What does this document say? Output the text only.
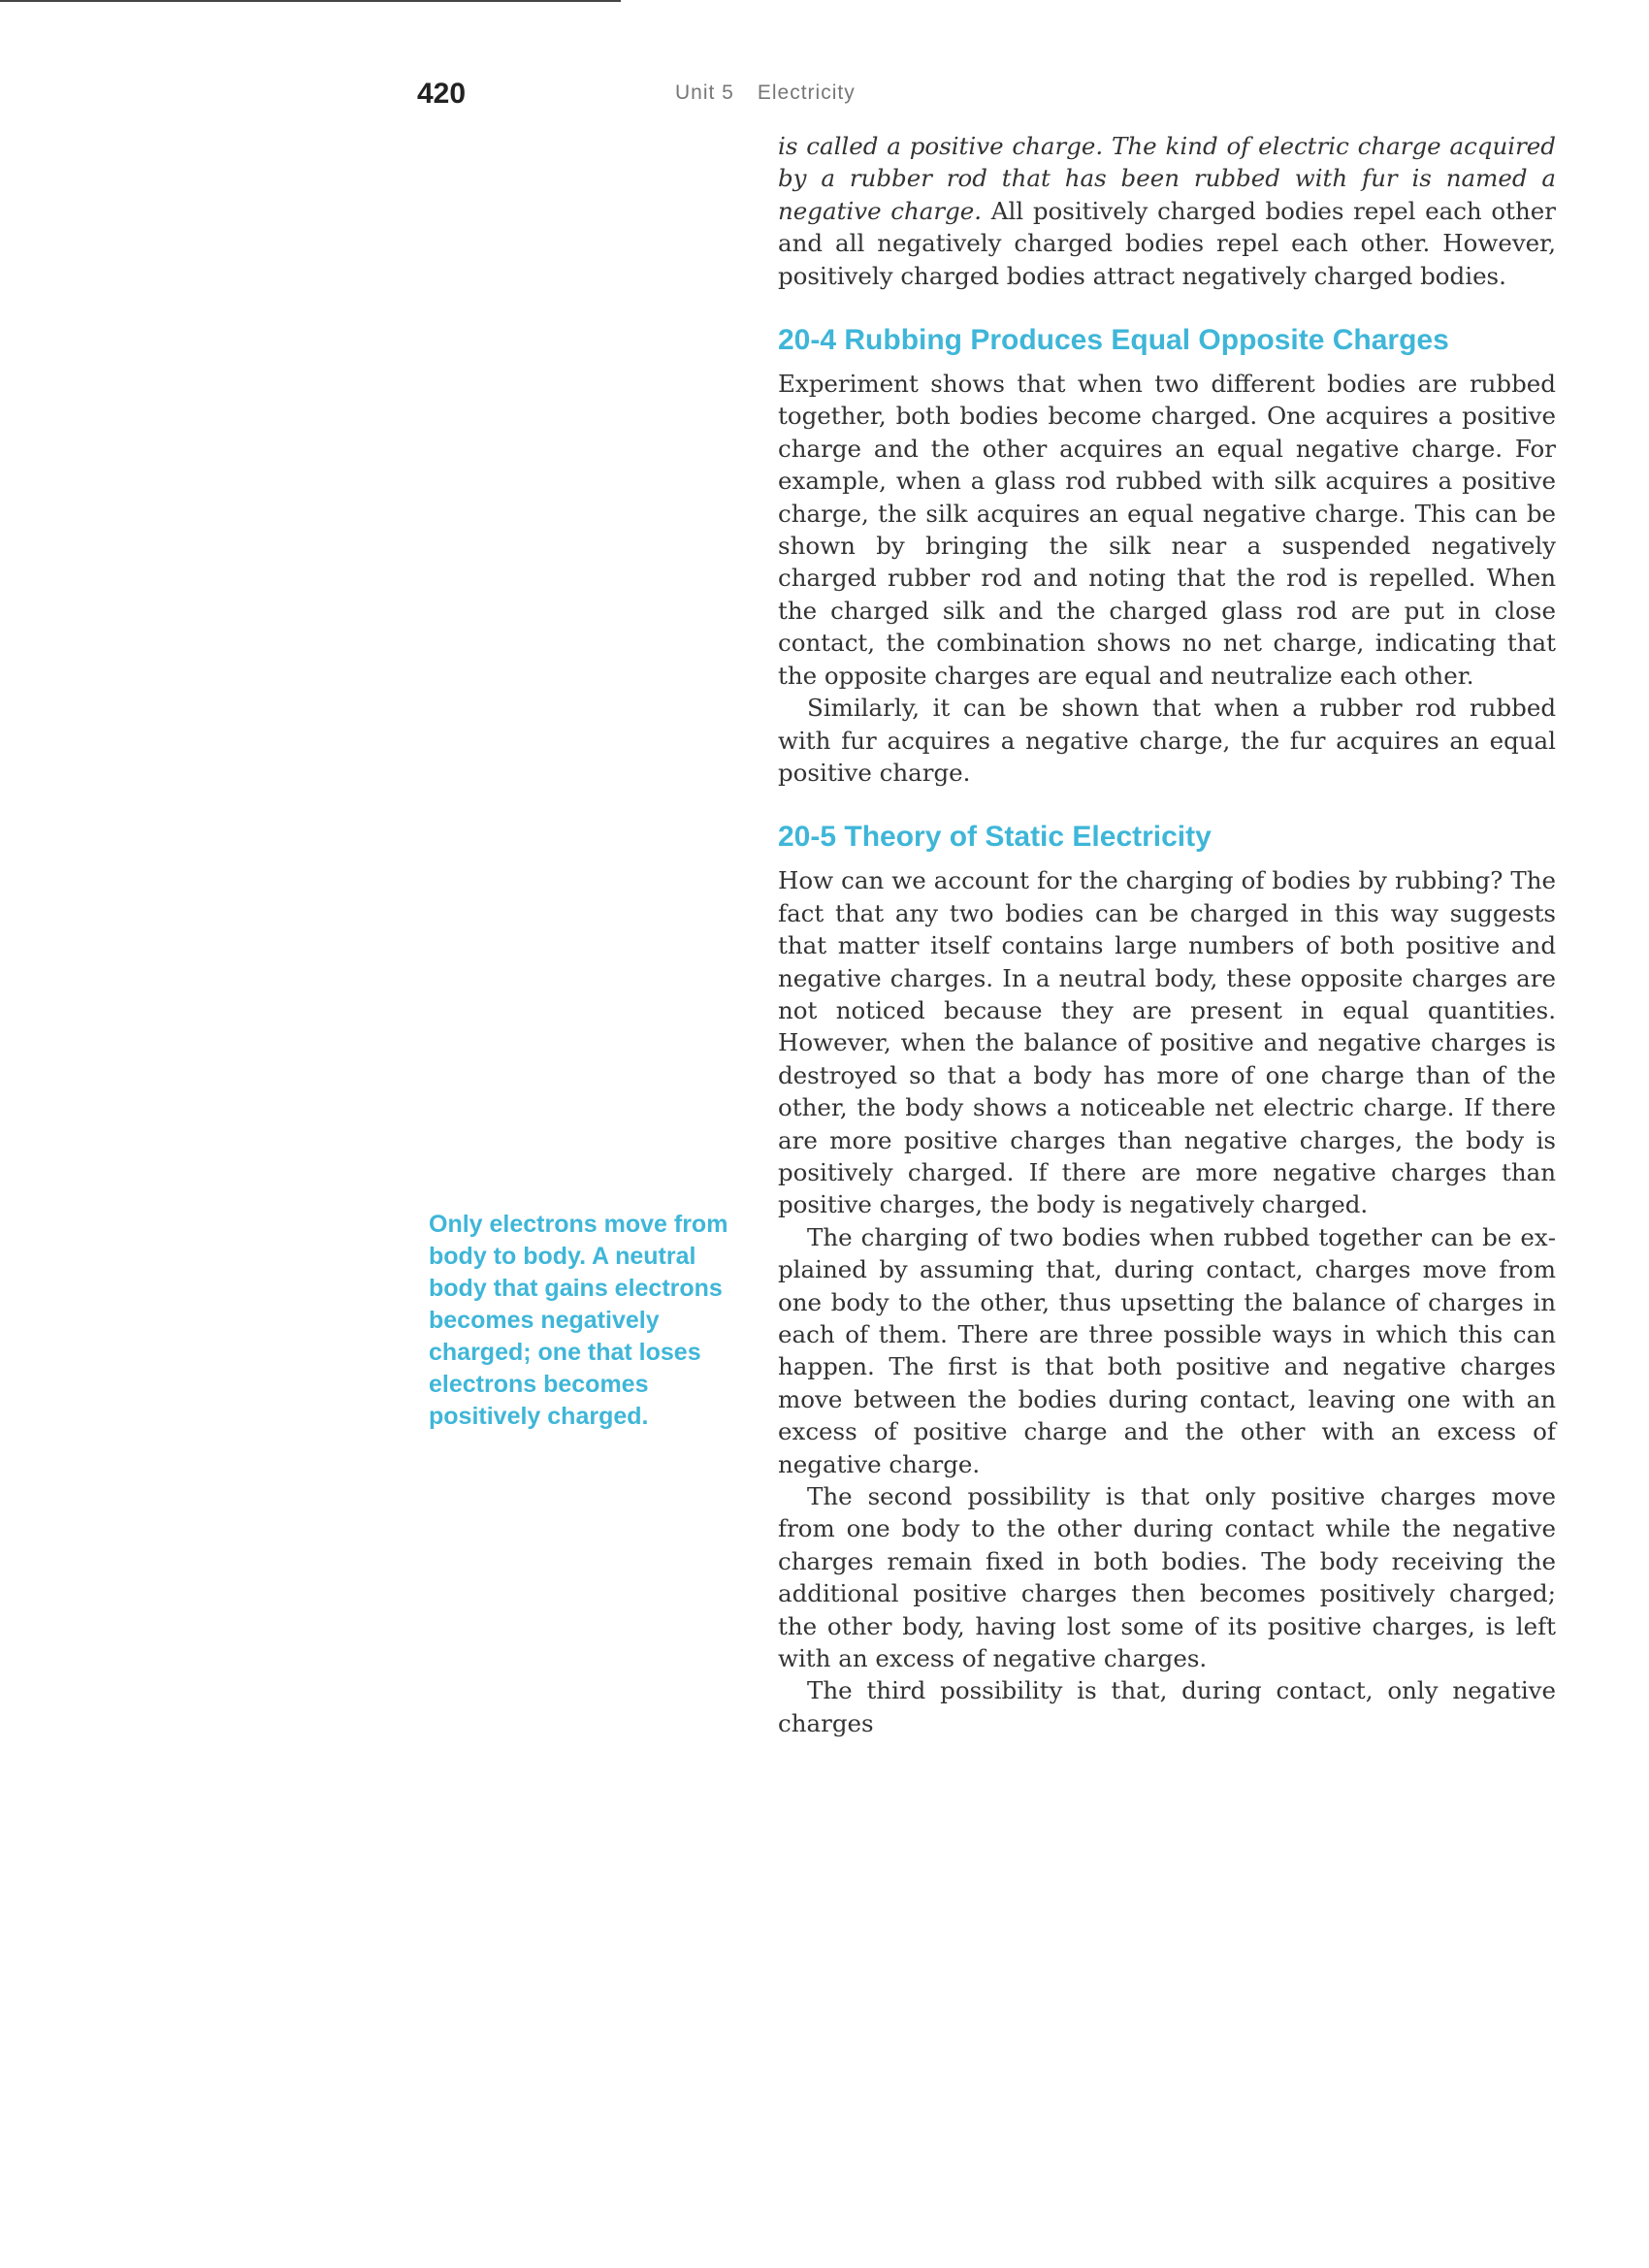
420	Unit 5 Electricity
Only electrons move from body to body. A neutral body that gains electrons becomes negatively charged; one that loses electrons becomes positively charged.

is called a positive charge. The kind of electric charge acquired by a rubber rod that has been rubbed with fur is named a negative charge. All positively charged bodies repel each other and all negatively charged bodies repel each other. However, positively charged bodies attract negatively charged bodies.

20-4 Rubbing Produces Equal Opposite Charges

Experiment shows that when two different bodies are rubbed together, both bodies become charged. One acquires a positive charge and the other acquires an equal negative charge. For example, when a glass rod rubbed with silk acquires a positive charge, the silk acquires an equal negative charge. This can be shown by bringing the silk near a suspended negatively charged rubber rod and noting that the rod is repelled. When the charged silk and the charged glass rod are put in close contact, the combination shows no net charge, indicating that the opposite charges are equal and neutralize each other.

Similarly, it can be shown that when a rubber rod rubbed with fur acquires a negative charge, the fur acquires an equal positive charge.

20-5 Theory of Static Electricity

How can we account for the charging of bodies by rubbing? The fact that any two bodies can be charged in this way suggests that matter itself contains large numbers of both positive and negative charges. In a neutral body, these opposite charges are not noticed because they are present in equal quantities. However, when the balance of positive and negative charges is destroyed so that a body has more of one charge than of the other, the body shows a noticeable net electric charge. If there are more positive charges than negative charges, the body is positively charged. If there are more negative charges than positive charges, the body is negatively charged.

The charging of two bodies when rubbed together can be explained by assuming that, during contact, charges move from one body to the other, thus upsetting the balance of charges in each of them. There are three possible ways in which this can happen. The first is that both positive and negative charges move between the bodies during contact, leaving one with an excess of positive charge and the other with an excess of negative charge.

The second possibility is that only positive charges move from one body to the other during contact while the negative charges remain fixed in both bodies. The body receiving the additional positive charges then becomes positively charged; the other body, having lost some of its positive charges, is left with an excess of negative charges.

The third possibility is that, during contact, only negative charges
